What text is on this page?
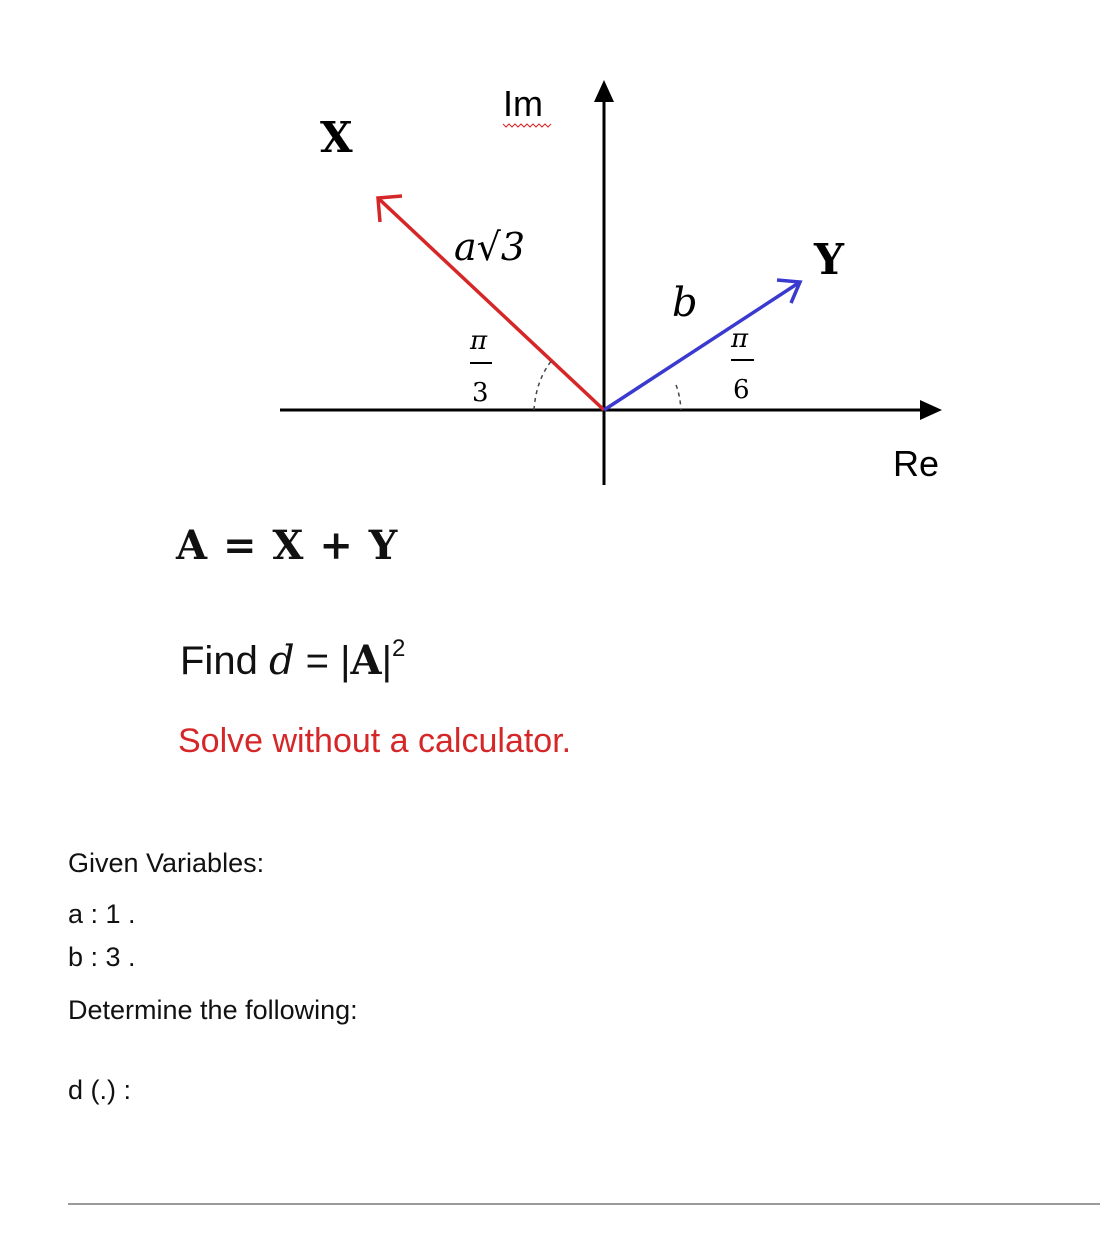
Im
Re
X
Y
a√3
b
π
3
π
6
A = X + Y
Find $d = |A|^2$
Solve without a calculator.
Given Variables:
a : 1 .
b : 3 .
Determine the following:
d (.) :
